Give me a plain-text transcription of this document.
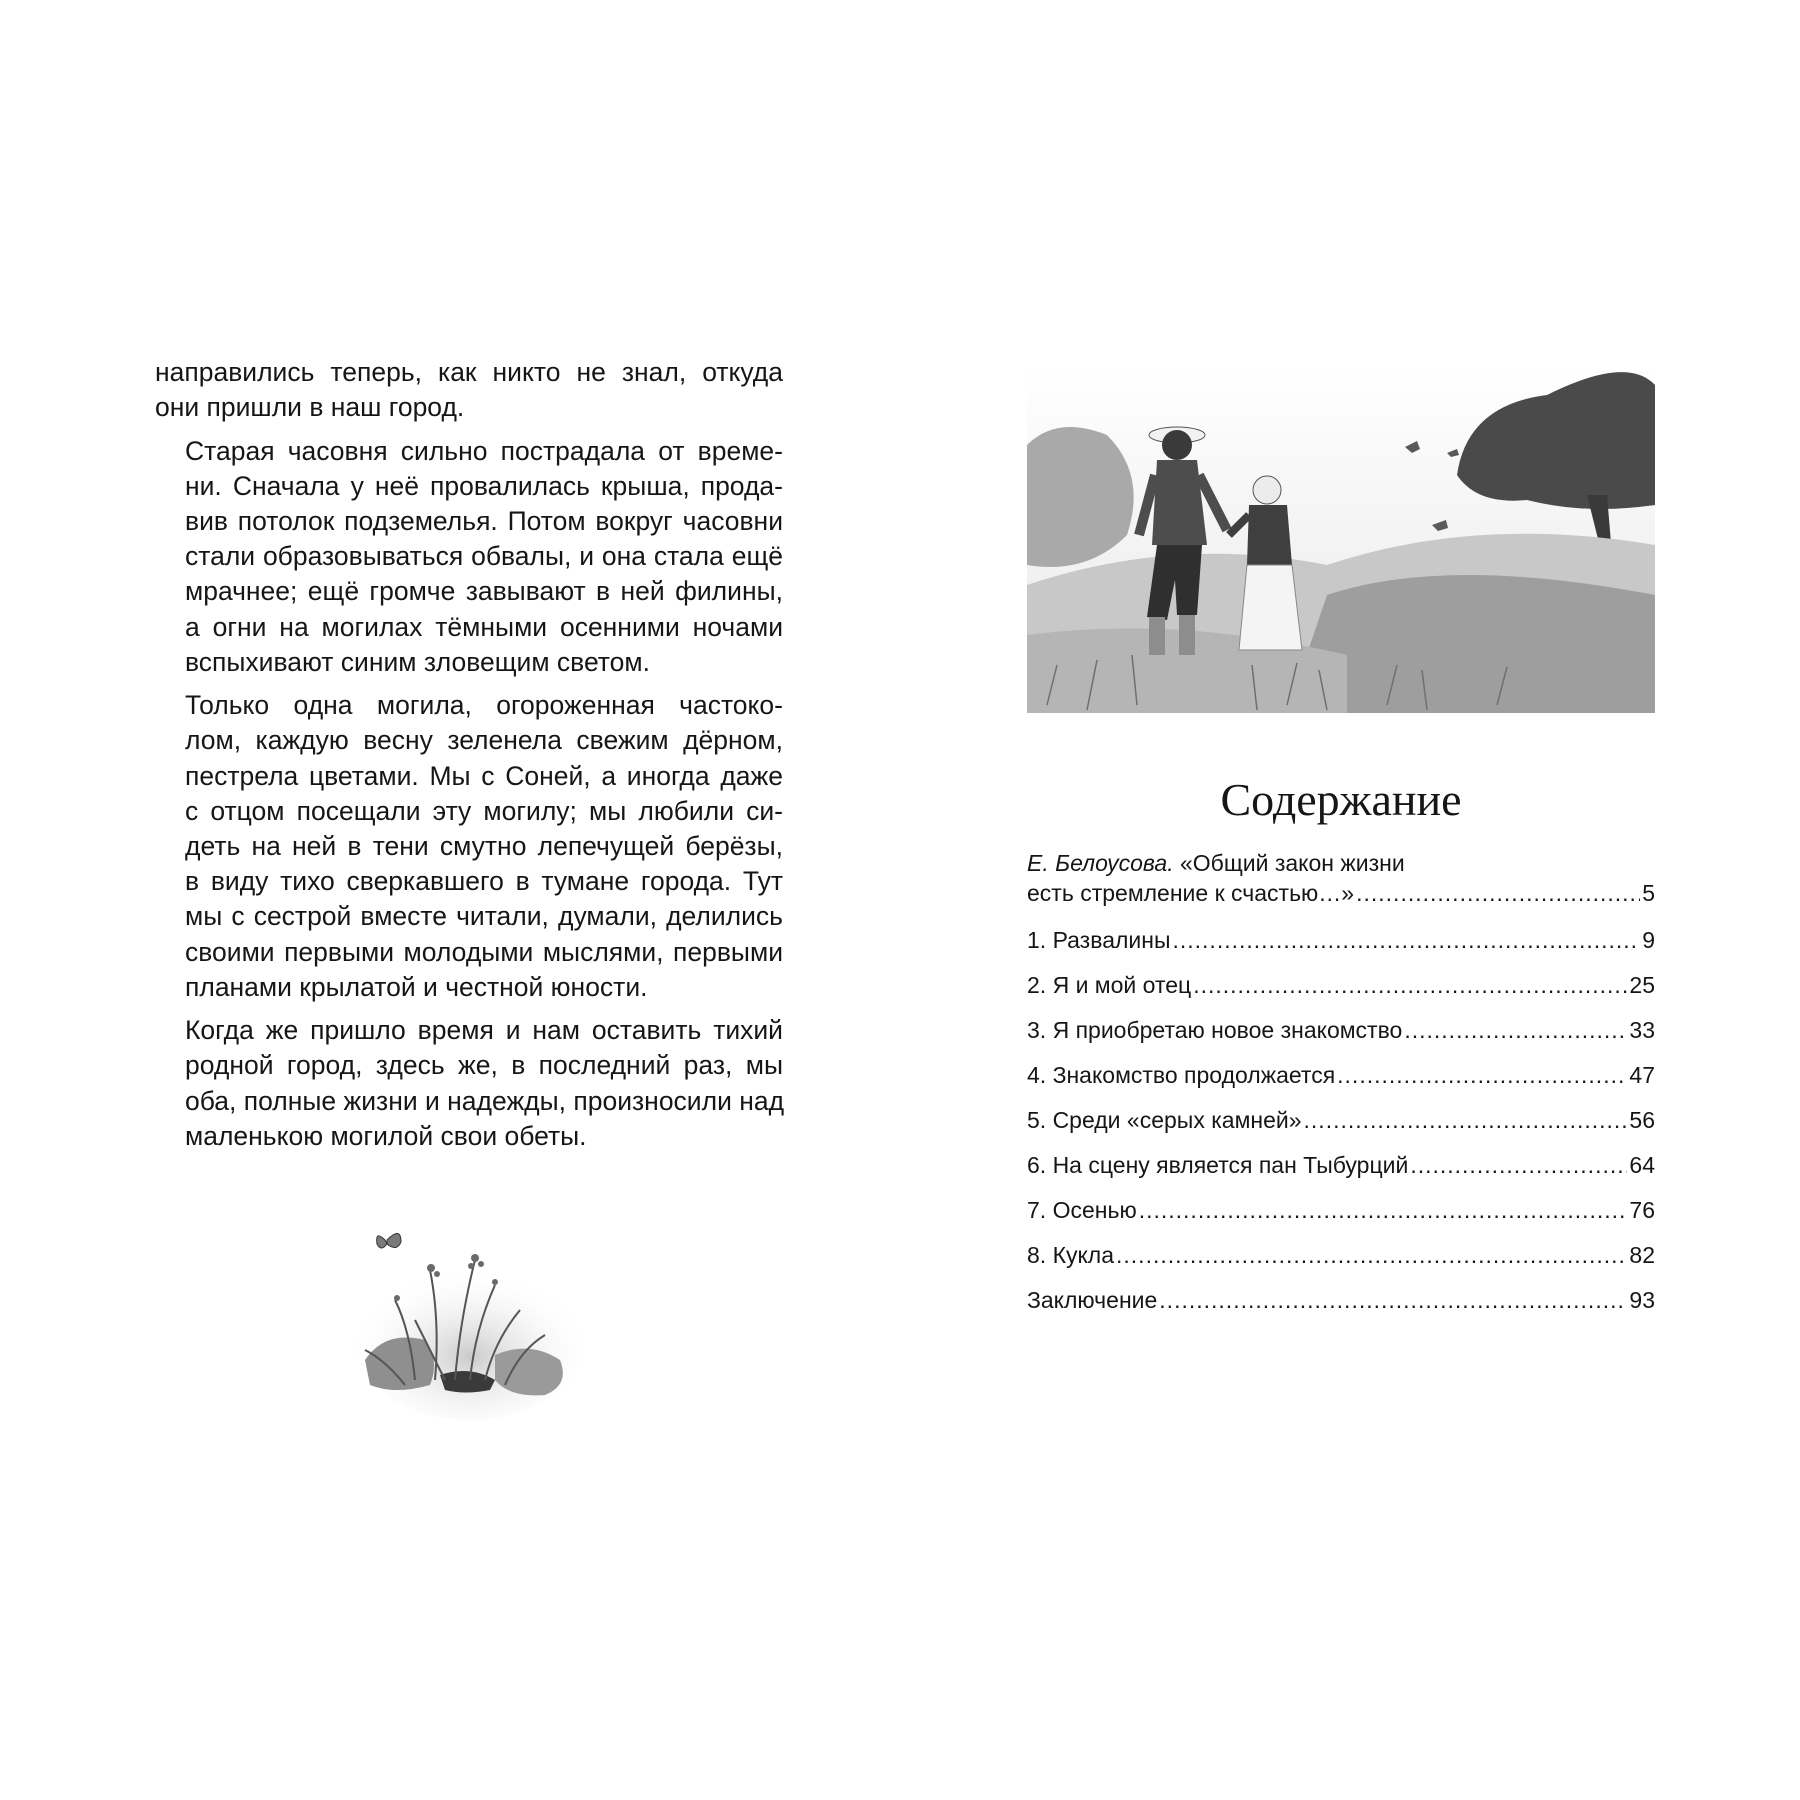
направились теперь, как никто не знал, откуда
они пришли в наш город.

Старая часовня сильно пострадала от време-
ни. Сначала у неё провалилась крыша, прода-
вив потолок подземелья. Потом вокруг часовни
стали образовываться обвалы, и она стала ещё
мрачнее; ещё громче завывают в ней филины,
а огни на могилах тёмными осенними ночами
вспыхивают синим зловещим светом.

Только одна могила, огороженная частоко-
лом, каждую весну зеленела свежим дёрном,
пестрела цветами. Мы с Соней, а иногда даже
с отцом посещали эту могилу; мы любили си-
деть на ней в тени смутно лепечущей берёзы,
в виду тихо сверкавшего в тумане города. Тут
мы с сестрой вместе читали, думали, делились
своими первыми молодыми мыслями, первыми
планами крылатой и честной юности.

Когда же пришло время и нам оставить тихий
родной город, здесь же, в последний раз, мы
оба, полные жизни и надежды, произносили над
маленькою могилой свои обеты.

Содержание
Е. Белоусова. «Общий закон жизни
есть стремление к счастью…» .....	5
1. Развалины .....	9
2. Я и мой отец .....	25
3. Я приобретаю новое знакомство .....	33
4. Знакомство продолжается .....	47
5. Среди «серых камней» .....	56
6. На сцену является пан Тыбурций .....	64
7. Осенью .....	76
8. Кукла .....	82
Заключение .....	93
